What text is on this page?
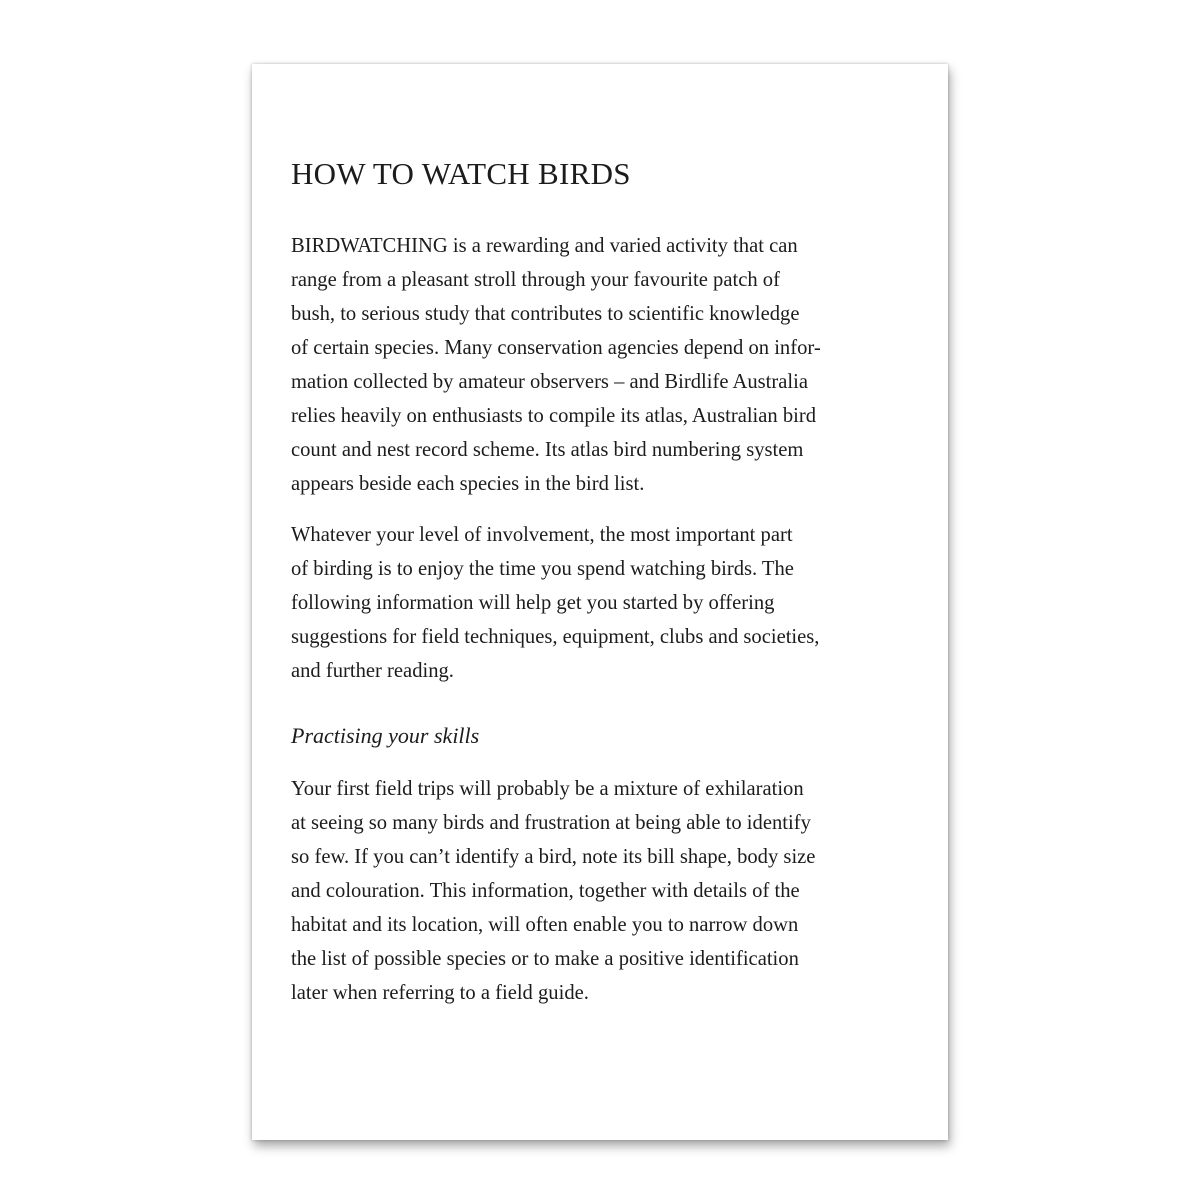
HOW TO WATCH BIRDS

BIRDWATCHING is a rewarding and varied activity that can
range from a pleasant stroll through your favourite patch of
bush, to serious study that contributes to scientific knowledge
of certain species. Many conservation agencies depend on infor-
mation collected by amateur observers – and Birdlife Australia
relies heavily on enthusiasts to compile its atlas, Australian bird
count and nest record scheme. Its atlas bird numbering system
appears beside each species in the bird list.

Whatever your level of involvement, the most important part
of birding is to enjoy the time you spend watching birds. The
following information will help get you started by offering
suggestions for field techniques, equipment, clubs and societies,
and further reading.

Practising your skills

Your first field trips will probably be a mixture of exhilaration
at seeing so many birds and frustration at being able to identify
so few. If you can’t identify a bird, note its bill shape, body size
and colouration. This information, together with details of the
habitat and its location, will often enable you to narrow down
the list of possible species or to make a positive identification
later when referring to a field guide.
